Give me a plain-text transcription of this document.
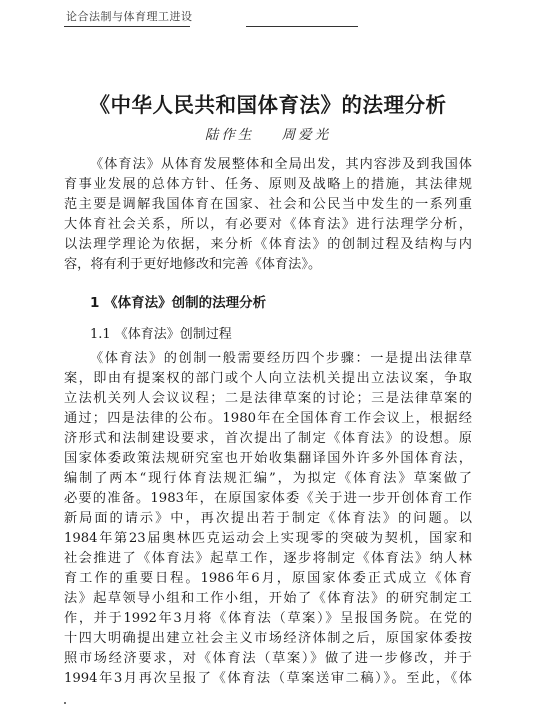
论合法制与体育理工进设
《中华人民共和国体育法》的法理分析
陆作生 周爱光
《体育法》从体育发展整体和全局出发，其内容涉及到我国体
育事业发展的总体方针、任务、原则及战略上的措施，其法律规
范主要是调解我国体育在国家、社会和公民当中发生的一系列重
大体育社会关系，所以，有必要对《体育法》进行法理学分析，
以法理学理论为依据，来分析《体育法》的创制过程及结构与内
容，将有利于更好地修改和完善《体育法》。
1 《体育法》创制的法理分析
1.1 《体育法》创制过程
《体育法》的创制一般需要经历四个步骤：一是提出法律草
案，即由有提案权的部门或个人向立法机关提出立法议案，争取
立法机关列人会议议程；二是法律草案的讨论；三是法律草案的
通过；四是法律的公布。1980年在全国体育工作会议上，根据经
济形式和法制建设要求，首次提出了制定《体育法》的设想。原
国家体委政策法规研究室也开始收集翻译国外许多外国体育法，
编制了两本“现行体育法规汇编”，为拟定《体育法》草案做了
必要的准备。1983年，在原国家体委《关于进一步开创体育工作
新局面的请示》中，再次提出若于制定《体育法》的问题。以
1984年第23届奥林匹克运动会上实现零的突破为契机，国家和
社会推进了《体育法》起草工作，逐步将制定《体育法》纳人林
育工作的重要日程。1986年6月，原国家体委正式成立《体育
法》起草领导小组和工作小组，开始了《体育法》的研究制定工
作，并于1992年3月将《体育法（草案）》呈报国务院。在党的
十四大明确提出建立社会主义市场经济体制之后，原国家体委按
照市场经济要求，对《体育法（草案）》做了进一步修改，并于
1994年3月再次呈报了《体育法（草案送审二稿）》。至此，《体
